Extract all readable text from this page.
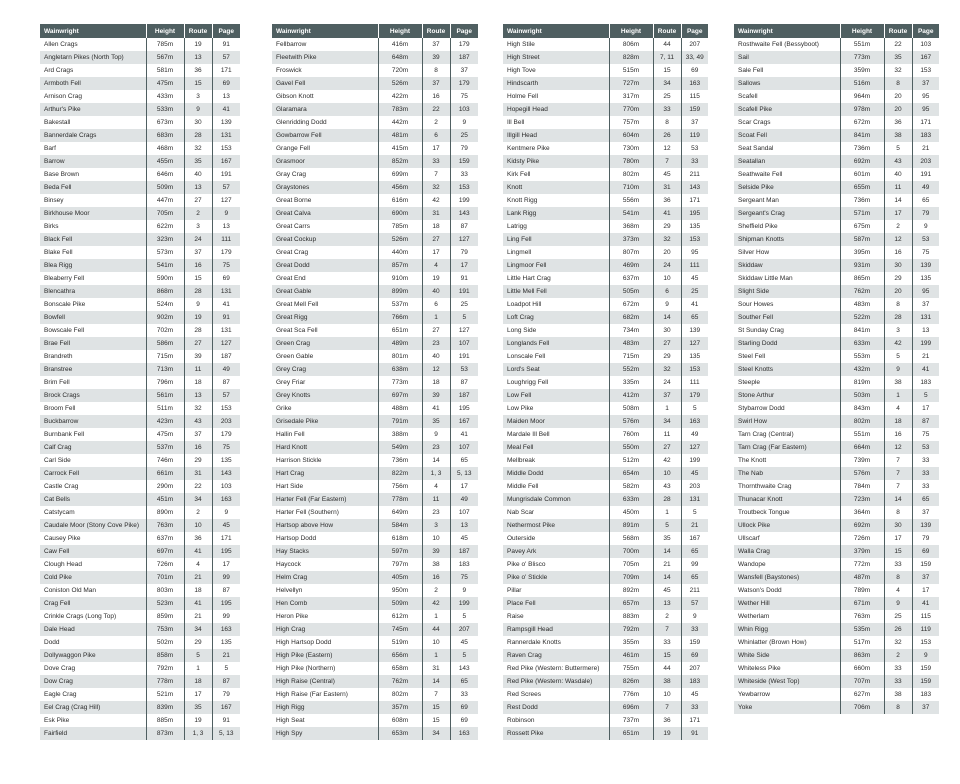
Wainwright	Height	Route	Page
Allen Crags	785m	19	91
Angletarn Pikes (North Top)	567m	13	57
Ard Crags	581m	36	171
Armboth Fell	475m	15	69
Arnison Crag	433m	3	13
Arthur's Pike	533m	9	41
Bakestall	673m	30	139
Bannerdale Crags	683m	28	131
Barf	468m	32	153
Barrow	455m	35	167
Base Brown	646m	40	191
Beda Fell	509m	13	57
Binsey	447m	27	127
Birkhouse Moor	705m	2	9
Birks	622m	3	13
Black Fell	323m	24	111
Blake Fell	573m	37	179
Blea Rigg	541m	16	75
Bleaberry Fell	590m	15	69
Blencathra	868m	28	131
Bonscale Pike	524m	9	41
Bowfell	902m	19	91
Bowscale Fell	702m	28	131
Brae Fell	586m	27	127
Brandreth	715m	39	187
Branstree	713m	11	49
Brim Fell	796m	18	87
Brock Crags	561m	13	57
Broom Fell	511m	32	153
Buckbarrow	423m	43	203
Burnbank Fell	475m	37	179
Calf Crag	537m	16	75
Carl Side	746m	29	135
Carrock Fell	661m	31	143
Castle Crag	290m	22	103
Cat Bells	451m	34	163
Catstycam	890m	2	9
Caudale Moor (Stony Cove Pike)	763m	10	45
Causey Pike	637m	36	171
Caw Fell	697m	41	195
Clough Head	726m	4	17
Cold Pike	701m	21	99
Coniston Old Man	803m	18	87
Crag Fell	523m	41	195
Crinkle Crags (Long Top)	859m	21	99
Dale Head	753m	34	163
Dodd	502m	29	135
Dollywaggon Pike	858m	5	21
Dove Crag	792m	1	5
Dow Crag	778m	18	87
Eagle Crag	521m	17	79
Eel Crag (Crag Hill)	839m	35	167
Esk Pike	885m	19	91
Fairfield	873m	1, 3	5, 13
Wainwright	Height	Route	Page
Fellbarrow	416m	37	179
Fleetwith Pike	648m	39	187
Froswick	720m	8	37
Gavel Fell	526m	37	179
Gibson Knott	422m	16	75
Glaramara	783m	22	103
Glenridding Dodd	442m	2	9
Gowbarrow Fell	481m	6	25
Grange Fell	415m	17	79
Grasmoor	852m	33	159
Gray Crag	699m	7	33
Graystones	456m	32	153
Great Borne	616m	42	199
Great Calva	690m	31	143
Great Carrs	785m	18	87
Great Cockup	526m	27	127
Great Crag	440m	17	79
Great Dodd	857m	4	17
Great End	910m	19	91
Great Gable	899m	40	191
Great Mell Fell	537m	6	25
Great Rigg	766m	1	5
Great Sca Fell	651m	27	127
Green Crag	489m	23	107
Green Gable	801m	40	191
Grey Crag	638m	12	53
Grey Friar	773m	18	87
Grey Knotts	697m	39	187
Grike	488m	41	195
Grisedale Pike	791m	35	167
Hallin Fell	388m	9	41
Hard Knott	549m	23	107
Harrison Stickle	736m	14	65
Hart Crag	822m	1, 3	5, 13
Hart Side	756m	4	17
Harter Fell (Far Eastern)	778m	11	49
Harter Fell (Southern)	649m	23	107
Hartsop above How	584m	3	13
Hartsop Dodd	618m	10	45
Hay Stacks	597m	39	187
Haycock	797m	38	183
Helm Crag	405m	16	75
Helvellyn	950m	2	9
Hen Comb	509m	42	199
Heron Pike	612m	1	5
High Crag	745m	44	207
High Hartsop Dodd	519m	10	45
High Pike (Eastern)	656m	1	5
High Pike (Northern)	658m	31	143
High Raise (Central)	762m	14	65
High Raise (Far Eastern)	802m	7	33
High Rigg	357m	15	69
High Seat	608m	15	69
High Spy	653m	34	163
Wainwright	Height	Route	Page
High Stile	806m	44	207
High Street	828m	7, 11	33, 49
High Tove	515m	15	69
Hindscarth	727m	34	163
Holme Fell	317m	25	115
Hopegill Head	770m	33	159
Ill Bell	757m	8	37
Illgill Head	604m	26	119
Kentmere Pike	730m	12	53
Kidsty Pike	780m	7	33
Kirk Fell	802m	45	211
Knott	710m	31	143
Knott Rigg	556m	36	171
Lank Rigg	541m	41	195
Latrigg	368m	29	135
Ling Fell	373m	32	153
Lingmell	807m	20	95
Lingmoor Fell	469m	24	111
Little Hart Crag	637m	10	45
Little Mell Fell	505m	6	25
Loadpot Hill	672m	9	41
Loft Crag	682m	14	65
Long Side	734m	30	139
Longlands Fell	483m	27	127
Lonscale Fell	715m	29	135
Lord's Seat	552m	32	153
Loughrigg Fell	335m	24	111
Low Fell	412m	37	179
Low Pike	508m	1	5
Maiden Moor	576m	34	163
Mardale Ill Bell	760m	11	49
Meal Fell	550m	27	127
Mellbreak	512m	42	199
Middle Dodd	654m	10	45
Middle Fell	582m	43	203
Mungrisdale Common	633m	28	131
Nab Scar	450m	1	5
Nethermost Pike	891m	5	21
Outerside	568m	35	167
Pavey Ark	700m	14	65
Pike o' Blisco	705m	21	99
Pike o' Stickle	709m	14	65
Pillar	892m	45	211
Place Fell	657m	13	57
Raise	883m	2	9
Rampsgill Head	792m	7	33
Rannerdale Knotts	355m	33	159
Raven Crag	461m	15	69
Red Pike (Western: Buttermere)	755m	44	207
Red Pike (Western: Wasdale)	826m	38	183
Red Screes	776m	10	45
Rest Dodd	696m	7	33
Robinson	737m	36	171
Rossett Pike	651m	19	91
Wainwright	Height	Route	Page
Rosthwaite Fell (Bessyboot)	551m	22	103
Sail	773m	35	167
Sale Fell	359m	32	153
Sallows	516m	8	37
Scafell	964m	20	95
Scafell Pike	978m	20	95
Scar Crags	672m	36	171
Scoat Fell	841m	38	183
Seat Sandal	736m	5	21
Seatallan	692m	43	203
Seathwaite Fell	601m	40	191
Selside Pike	655m	11	49
Sergeant Man	736m	14	65
Sergeant's Crag	571m	17	79
Sheffield Pike	675m	2	9
Shipman Knotts	587m	12	53
Silver How	395m	16	75
Skiddaw	931m	30	139
Skiddaw Little Man	865m	29	135
Slight Side	762m	20	95
Sour Howes	483m	8	37
Souther Fell	522m	28	131
St Sunday Crag	841m	3	13
Starling Dodd	633m	42	199
Steel Fell	553m	5	21
Steel Knotts	432m	9	41
Steeple	819m	38	183
Stone Arthur	503m	1	5
Stybarrow Dodd	843m	4	17
Swirl How	802m	18	87
Tarn Crag (Central)	551m	16	75
Tarn Crag (Far Eastern)	664m	12	53
The Knott	739m	7	33
The Nab	576m	7	33
Thornthwaite Crag	784m	7	33
Thunacar Knott	723m	14	65
Troutbeck Tongue	364m	8	37
Ullock Pike	692m	30	139
Ullscarf	726m	17	79
Walla Crag	379m	15	69
Wandope	772m	33	159
Wansfell (Baystones)	487m	8	37
Watson's Dodd	789m	4	17
Wether Hill	671m	9	41
Wetherlam	763m	25	115
Whin Rigg	535m	26	119
Whinlatter (Brown How)	517m	32	153
White Side	863m	2	9
Whiteless Pike	660m	33	159
Whiteside (West Top)	707m	33	159
Yewbarrow	627m	38	183
Yoke	706m	8	37
